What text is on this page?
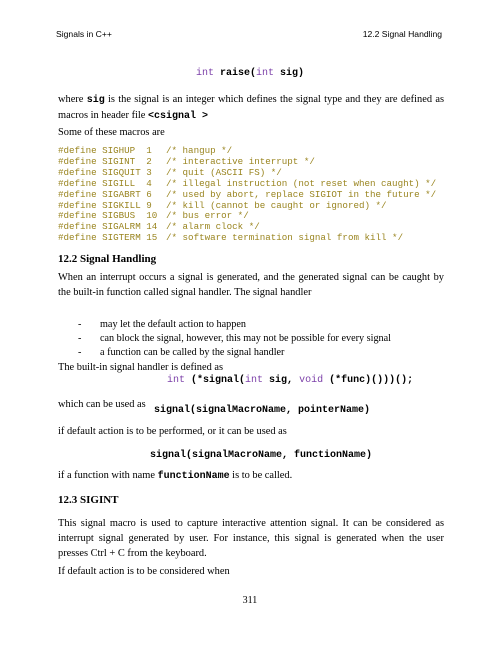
Signals in C++	12.2 Signal Handling
int raise(int sig)
where sig is the signal is an integer which defines the signal type and they are defined as macros in header file <csignal >
Some of these macros are
#define SIGHUP  1	/* hangup */
#define SIGINT  2	/* interactive interrupt */
#define SIGQUIT 3	/* quit (ASCII FS) */
#define SIGILL  4	/* illegal instruction (not reset when caught) */
#define SIGABRT 6	/* used by abort, replace SIGIOT in the future */
#define SIGKILL 9	/* kill (cannot be caught or ignored) */
#define SIGBUS  10 /* bus error */
#define SIGALRM 14 /* alarm clock */
#define SIGTERM 15 /* software termination signal from kill */
12.2 Signal Handling
When an interrupt occurs a signal is generated, and the generated signal can be caught by the built-in function called signal handler. The signal handler
-	may let the default action to happen
-	can block the signal, however, this may not be possible for every signal
-	a function can be called by the signal handler
The built-in signal handler is defined as
int (*signal(int sig, void (*func)()))();
which can be used as
signal(signalMacroName, pointerName)
if default action is to be performed, or it can be used as
signal(signalMacroName, functionName)
if a function with name functionName is to be called.
12.3 SIGINT
This signal macro is used to capture interactive attention signal. It can be considered as interrupt signal generated by user. For instance, this signal is generated when the user presses Ctrl + C from the keyboard.
If default action is to be considered when
311
